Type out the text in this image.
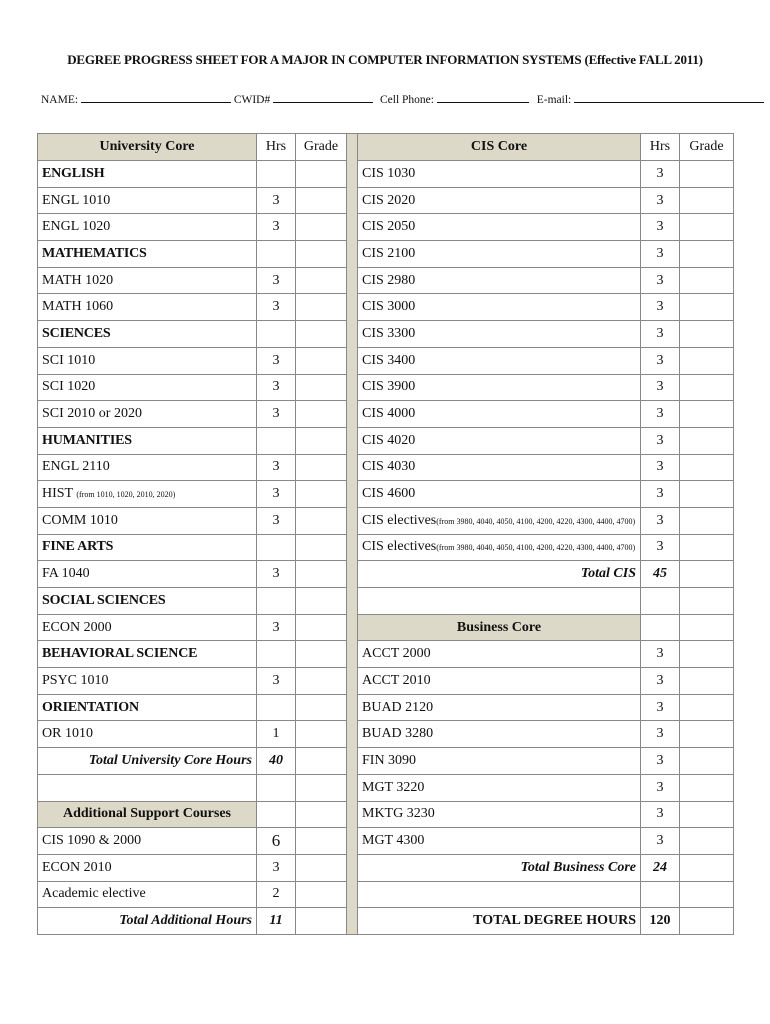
DEGREE PROGRESS SHEET FOR A MAJOR IN COMPUTER INFORMATION SYSTEMS (Effective FALL 2011)
NAME:	CWID#	Cell Phone:	E-mail:
University Core	Hrs	Grade		CIS Core	Hrs	Grade
ENGLISH				CIS 1030	3	
ENGL 1010	3			CIS 2020	3	
ENGL 1020	3			CIS 2050	3	
MATHEMATICS				CIS 2100	3	
MATH 1020	3			CIS 2980	3	
MATH 1060	3			CIS 3000	3	
SCIENCES				CIS 3300	3	
SCI 1010	3			CIS 3400	3	
SCI 1020	3			CIS 3900	3	
SCI 2010 or 2020	3			CIS 4000	3	
HUMANITIES				CIS 4020	3	
ENGL 2110	3			CIS 4030	3	
HIST (from 1010, 1020, 2010, 2020)	3			CIS 4600	3	
COMM 1010	3			CIS electives(from 3980, 4040, 4050, 4100, 4200, 4220, 4300, 4400, 4700)	3	
FINE ARTS				CIS electives(from 3980, 4040, 4050, 4100, 4200, 4220, 4300, 4400, 4700)	3	
FA 1040	3			Total CIS	45	
SOCIAL SCIENCES						
ECON 2000	3			Business Core		
BEHAVIORAL SCIENCE				ACCT 2000	3	
PSYC 1010	3			ACCT 2010	3	
ORIENTATION				BUAD 2120	3	
OR 1010	1			BUAD 3280	3	
Total University Core Hours	40			FIN 3090	3	
				MGT 3220	3	
Additional Support Courses				MKTG 3230	3	
CIS 1090 & 2000	6			MGT 4300	3	
ECON 2010	3			Total Business Core	24	
Academic elective	2					
Total Additional Hours	11			TOTAL DEGREE HOURS	120	
